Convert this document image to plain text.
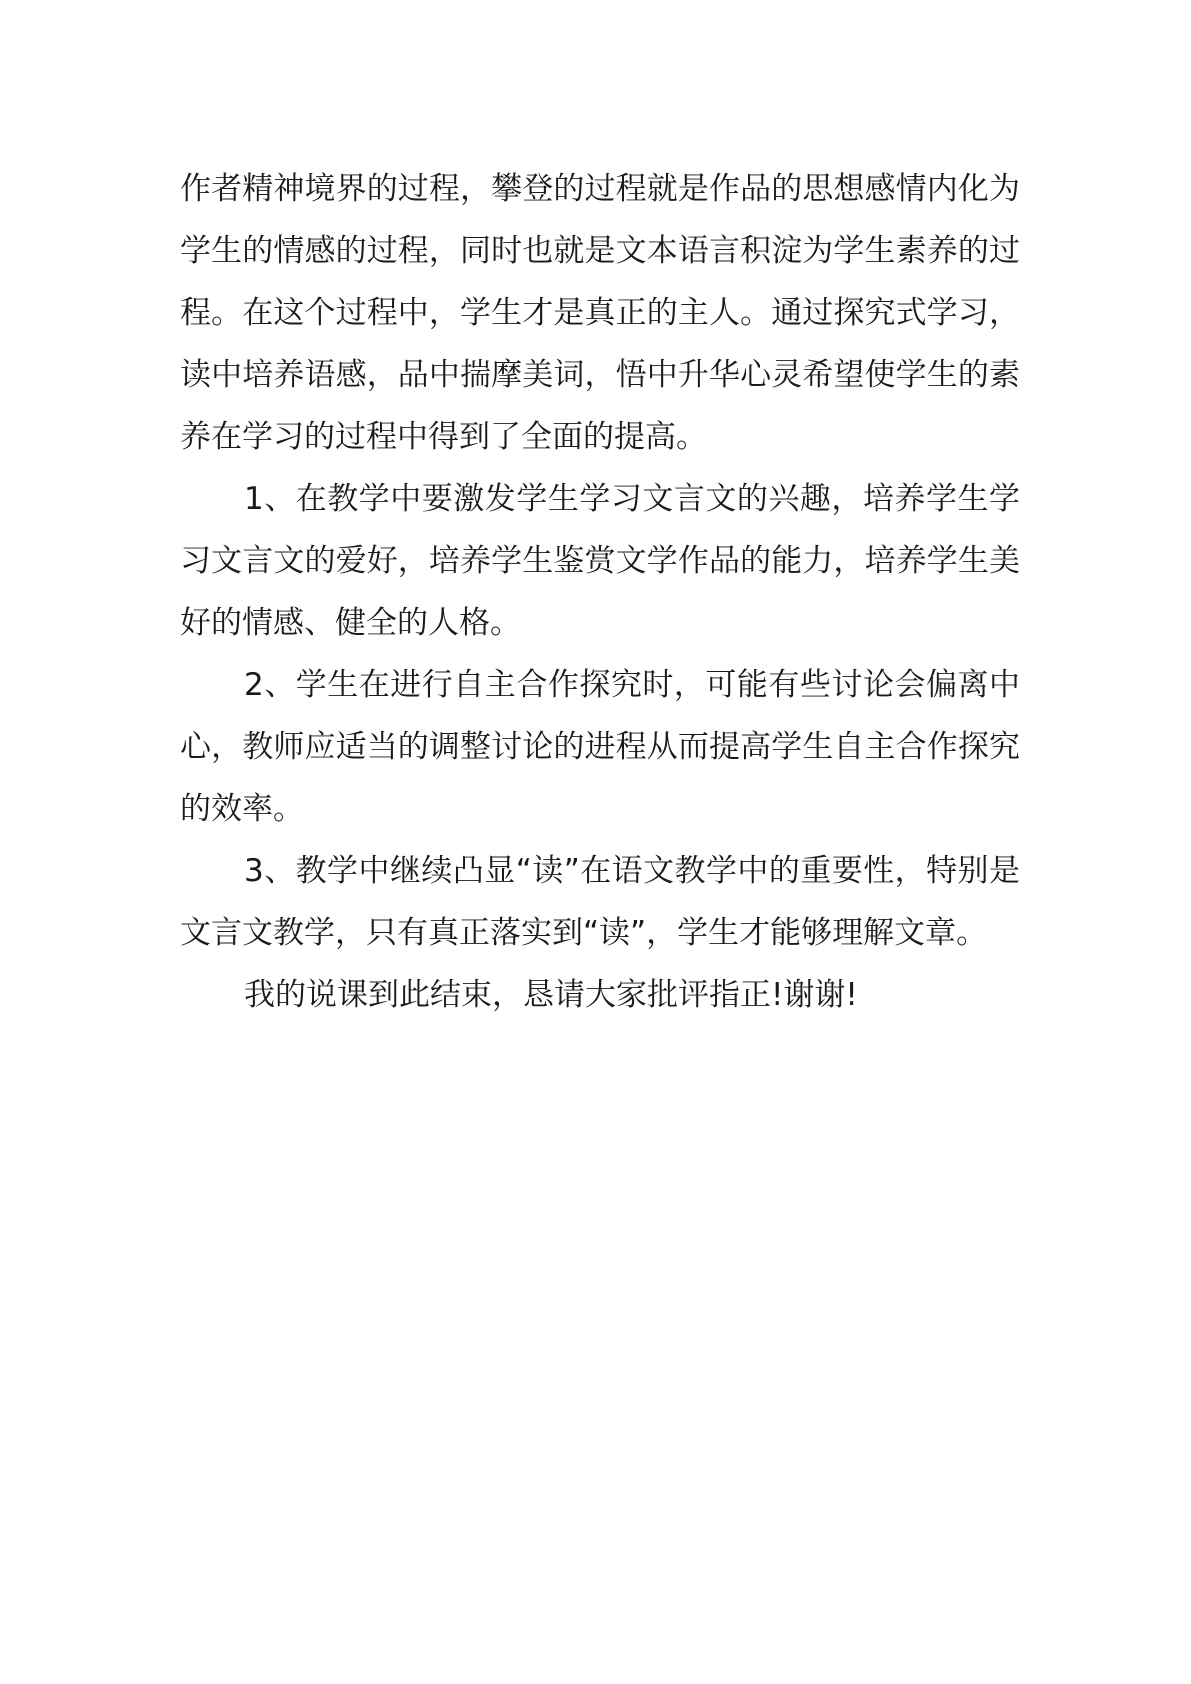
作者精神境界的过程，攀登的过程就是作品的思想感情内化为学生的情感的过程，同时也就是文本语言积淀为学生素养的过程。在这个过程中，学生才是真正的主人。通过探究式学习，读中培养语感，品中揣摩美词，悟中升华心灵希望使学生的素养在学习的过程中得到了全面的提高。

1、在教学中要激发学生学习文言文的兴趣，培养学生学习文言文的爱好，培养学生鉴赏文学作品的能力，培养学生美好的情感、健全的人格。

2、学生在进行自主合作探究时，可能有些讨论会偏离中心，教师应适当的调整讨论的进程从而提高学生自主合作探究的效率。

3、教学中继续凸显“读”在语文教学中的重要性，特别是文言文教学，只有真正落实到“读”，学生才能够理解文章。

我的说课到此结束，恳请大家批评指正!谢谢!
